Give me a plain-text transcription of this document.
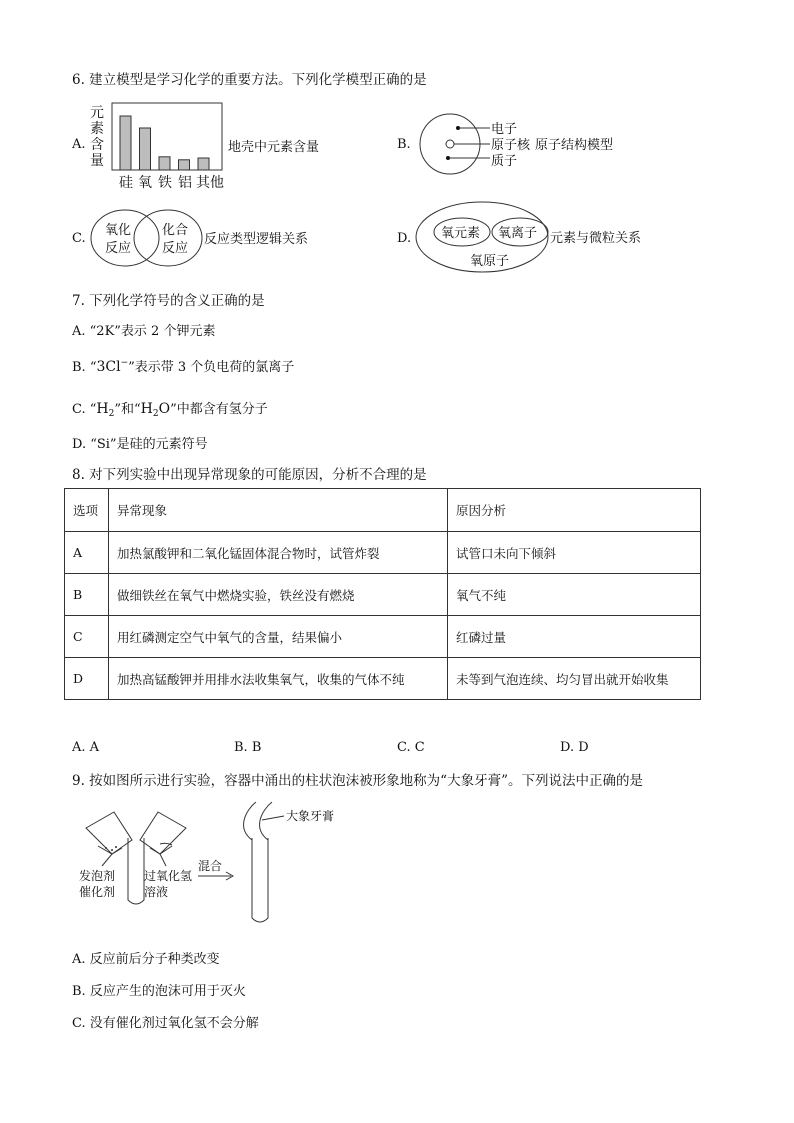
6. 建立模型是学习化学的重要方法。下列化学模型正确的是
A.
元
素
含
量
硅 氧 铁 铝 其他
地壳中元素含量	B.
电子
原子核
质子
原子结构模型
C.
氧化
反应
化合
反应
反应类型逻辑关系	D. 氧元素 氧离子
氧原子
元素与微粒关系
7. 下列化学符号的含义正确的是
A. “2K”表示 2 个钾元素
B. “3Cl−”表示带 3 个负电荷的氯离子
C. “$H_2$”和“$H_2O$”中都含有氢分子
D. “Si”是硅的元素符号
8. 对下列实验中出现异常现象的可能原因，分析不合理的是
选项	异常现象	原因分析
A	加热氯酸钾和二氧化锰固体混合物时，试管炸裂	试管口未向下倾斜
B	做细铁丝在氧气中燃烧实验，铁丝没有燃烧	氧气不纯
C	用红磷测定空气中氧气的含量，结果偏小	红磷过量
D	加热高锰酸钾并用排水法收集氧气，收集的气体不纯	未等到气泡连续、均匀冒出就开始收集
A. A	B. B	C. C	D. D
9. 按如图所示进行实验，容器中涌出的柱状泡沫被形象地称为“大象牙膏”。下列说法中正确的是
发泡剂
催化剂
过氧化氢
溶液
混合
大象牙膏
A. 反应前后分子种类改变
B. 反应产生的泡沫可用于灭火
C. 没有催化剂过氧化氢不会分解
